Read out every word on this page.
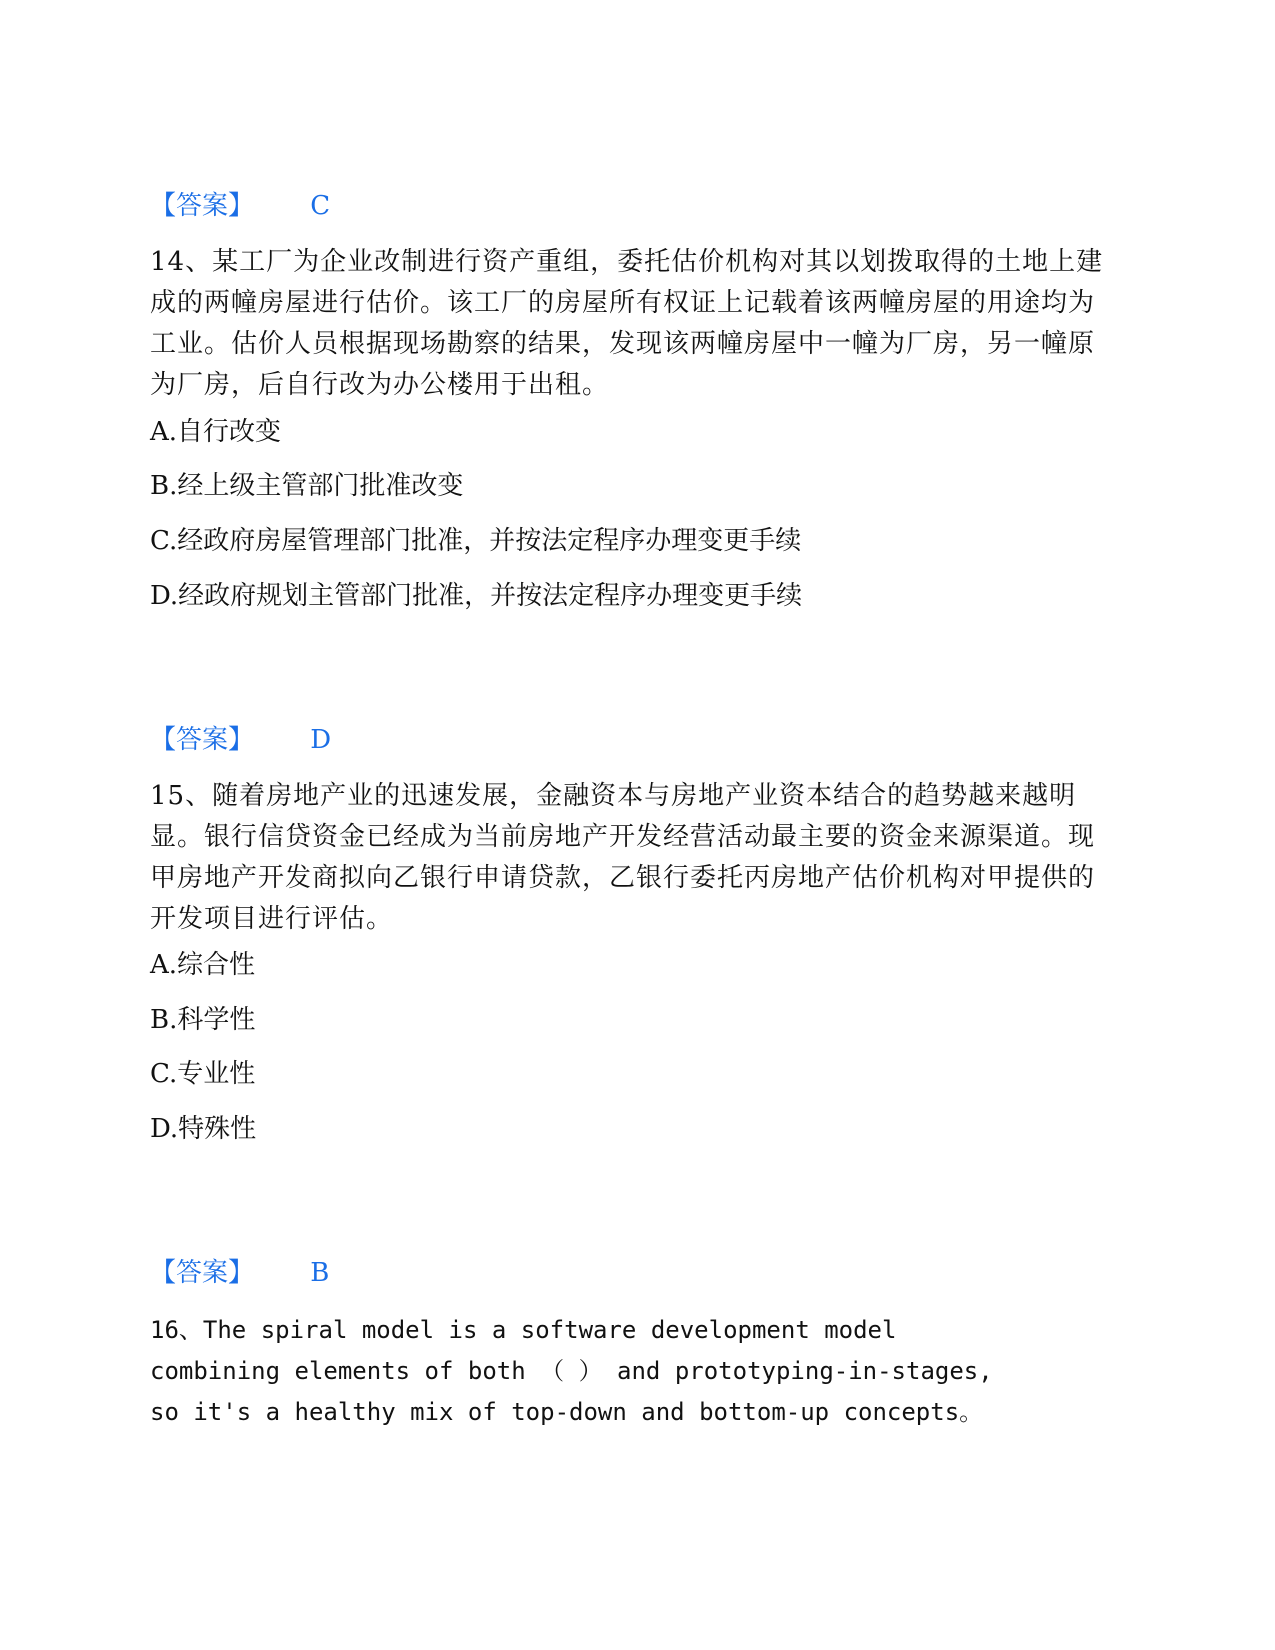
【答案】 C

14、某工厂为企业改制进行资产重组，委托估价机构对其以划拨取得的土地上建成的两幢房屋进行估价。该工厂的房屋所有权证上记载着该两幢房屋的用途均为工业。估价人员根据现场勘察的结果，发现该两幢房屋中一幢为厂房，另一幢原为厂房，后自行改为办公楼用于出租。

A.自行改变

B.经上级主管部门批准改变

C.经政府房屋管理部门批准，并按法定程序办理变更手续

D.经政府规划主管部门批准，并按法定程序办理变更手续

【答案】 D

15、随着房地产业的迅速发展，金融资本与房地产业资本结合的趋势越来越明显。银行信贷资金已经成为当前房地产开发经营活动最主要的资金来源渠道。现甲房地产开发商拟向乙银行申请贷款，乙银行委托丙房地产估价机构对甲提供的开发项目进行评估。

A.综合性

B.科学性

C.专业性

D.特殊性

【答案】 B

16、The spiral model is a software development model combining elements of both （ ） and prototyping-in-stages, so it's a healthy mix of top-down and bottom-up concepts。
